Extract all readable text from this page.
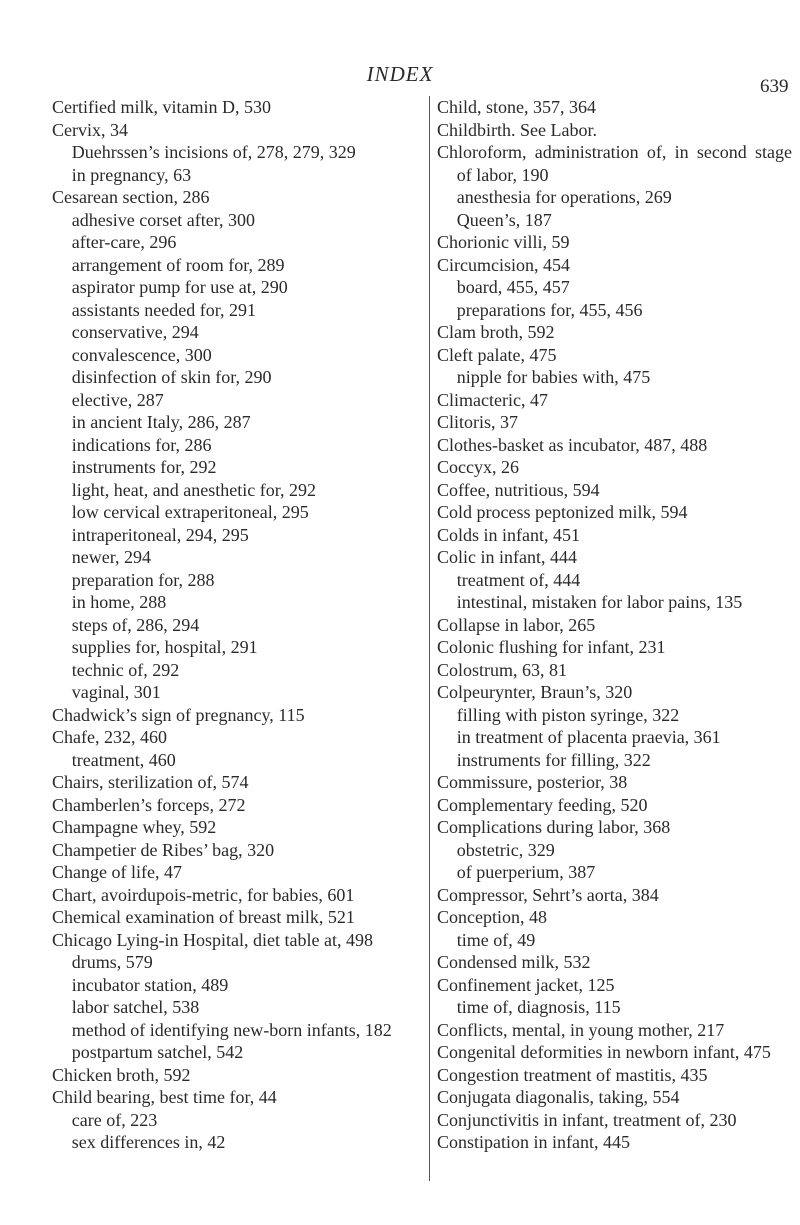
INDEX
639
Certified milk, vitamin D, 530
Cervix, 34
Duehrssen’s incisions of, 278, 279, 329
in pregnancy, 63
Cesarean section, 286
adhesive corset after, 300
after-care, 296
arrangement of room for, 289
aspirator pump for use at, 290
assistants needed for, 291
conservative, 294
convalescence, 300
disinfection of skin for, 290
elective, 287
in ancient Italy, 286, 287
indications for, 286
instruments for, 292
light, heat, and anesthetic for, 292
low cervical extraperitoneal, 295
intraperitoneal, 294, 295
newer, 294
preparation for, 288
in home, 288
steps of, 286, 294
supplies for, hospital, 291
technic of, 292
vaginal, 301
Chadwick’s sign of pregnancy, 115
Chafe, 232, 460
treatment, 460
Chairs, sterilization of, 574
Chamberlen’s forceps, 272
Champagne whey, 592
Champetier de Ribes’ bag, 320
Change of life, 47
Chart, avoirdupois-metric, for babies, 601
Chemical examination of breast milk, 521
Chicago Lying-in Hospital, diet table at, 498
drums, 579
incubator station, 489
labor satchel, 538
method of identifying new-born infants, 182
postpartum satchel, 542
Chicken broth, 592
Child bearing, best time for, 44
care of, 223
sex differences in, 42
Child, stone, 357, 364
Childbirth. See Labor.
Chloroform, administration of, in second stage of labor, 190
anesthesia for operations, 269
Queen’s, 187
Chorionic villi, 59
Circumcision, 454
board, 455, 457
preparations for, 455, 456
Clam broth, 592
Cleft palate, 475
nipple for babies with, 475
Climacteric, 47
Clitoris, 37
Clothes-basket as incubator, 487, 488
Coccyx, 26
Coffee, nutritious, 594
Cold process peptonized milk, 594
Colds in infant, 451
Colic in infant, 444
treatment of, 444
intestinal, mistaken for labor pains, 135
Collapse in labor, 265
Colonic flushing for infant, 231
Colostrum, 63, 81
Colpeurynter, Braun’s, 320
filling with piston syringe, 322
in treatment of placenta praevia, 361
instruments for filling, 322
Commissure, posterior, 38
Complementary feeding, 520
Complications during labor, 368
obstetric, 329
of puerperium, 387
Compressor, Sehrt’s aorta, 384
Conception, 48
time of, 49
Condensed milk, 532
Confinement jacket, 125
time of, diagnosis, 115
Conflicts, mental, in young mother, 217
Congenital deformities in newborn infant, 475
Congestion treatment of mastitis, 435
Conjugata diagonalis, taking, 554
Conjunctivitis in infant, treatment of, 230
Constipation in infant, 445
